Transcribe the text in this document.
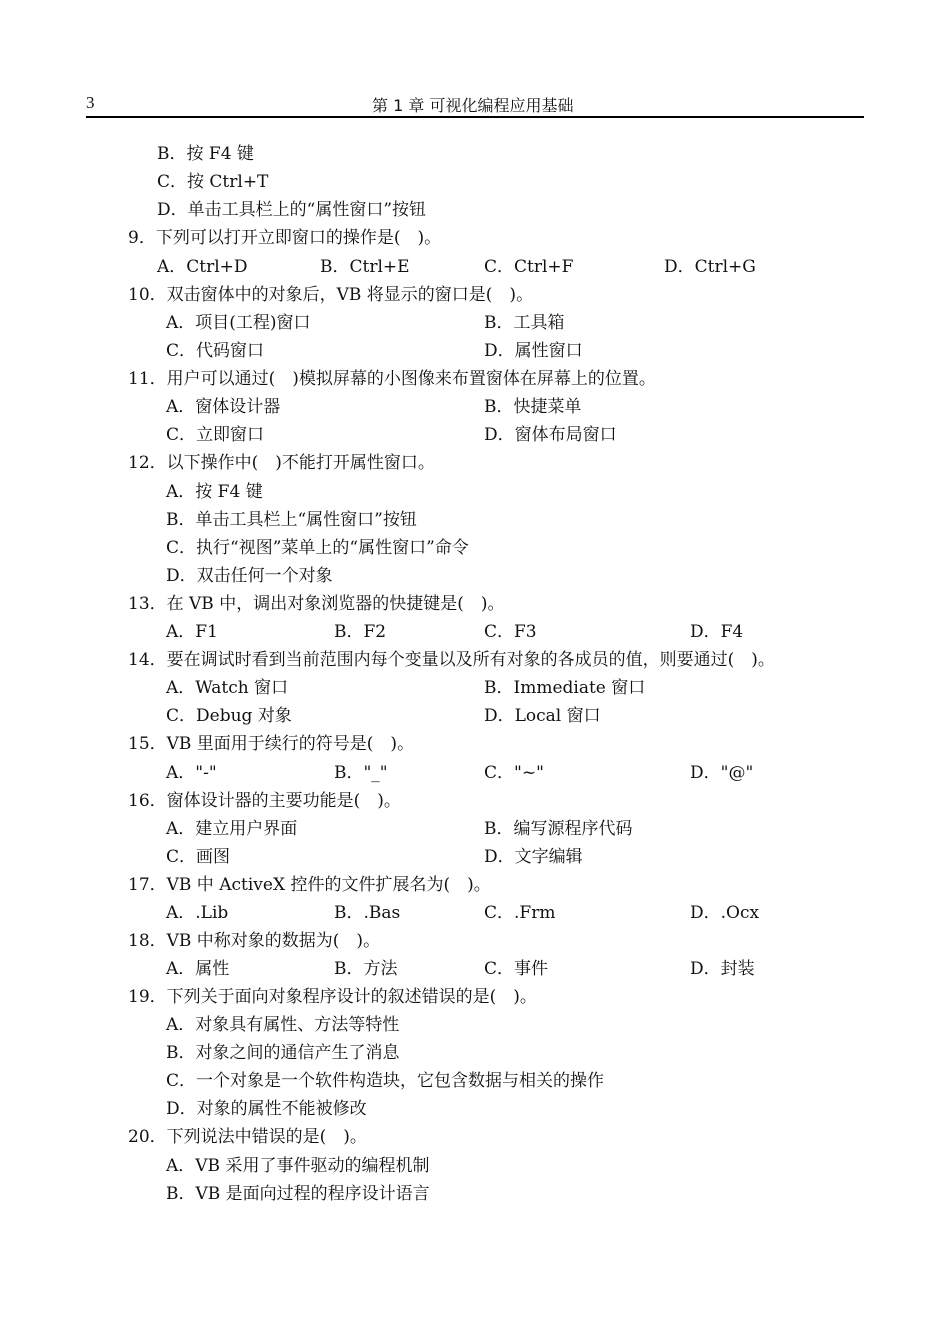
3	第 1 章 可视化编程应用基础
B．按 F4 键
C．按 Ctrl+T
D．单击工具栏上的“属性窗口”按钮
9．下列可以打开立即窗口的操作是(　)。
A．Ctrl+D	B．Ctrl+E	C．Ctrl+F	D．Ctrl+G
10．双击窗体中的对象后，VB 将显示的窗口是(　)。
A．项目(工程)窗口	B．工具箱
C．代码窗口	D．属性窗口
11．用户可以通过(　)模拟屏幕的小图像来布置窗体在屏幕上的位置。
A．窗体设计器	B．快捷菜单
C．立即窗口	D．窗体布局窗口
12．以下操作中(　)不能打开属性窗口。
A．按 F4 键
B．单击工具栏上“属性窗口”按钮
C．执行“视图”菜单上的“属性窗口”命令
D．双击任何一个对象
13．在 VB 中，调出对象浏览器的快捷键是(　)。
A．F1	B．F2	C．F3	D．F4
14．要在调试时看到当前范围内每个变量以及所有对象的各成员的值，则要通过(　)。
A．Watch 窗口	B．Immediate 窗口
C．Debug 对象	D．Local 窗口
15．VB 里面用于续行的符号是(　)。
A．"-"	B．"_"	C．"~"	D．"@"
16．窗体设计器的主要功能是(　)。
A．建立用户界面	B．编写源程序代码
C．画图	D．文字编辑
17．VB 中 ActiveX 控件的文件扩展名为(　)。
A．.Lib	B．.Bas	C．.Frm	D．.Ocx
18．VB 中称对象的数据为(　)。
A．属性	B．方法	C．事件	D．封装
19．下列关于面向对象程序设计的叙述错误的是(　)。
A．对象具有属性、方法等特性
B．对象之间的通信产生了消息
C．一个对象是一个软件构造块，它包含数据与相关的操作
D．对象的属性不能被修改
20．下列说法中错误的是(　)。
A．VB 采用了事件驱动的编程机制
B．VB 是面向过程的程序设计语言
